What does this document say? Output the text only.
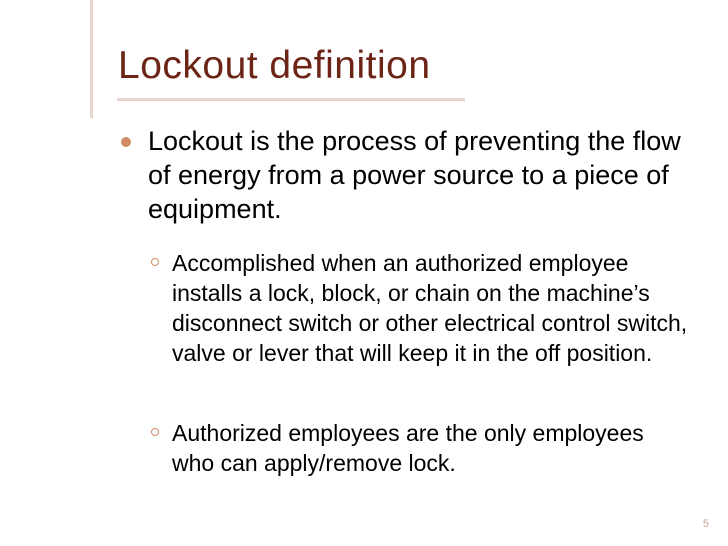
Lockout definition
Lockout is the process of preventing the flow of energy from a power source to a piece of equipment.
Accomplished when an authorized employee installs a lock, block, or chain on the machine’s disconnect switch or other electrical control switch, valve or lever that will keep it in the off position.
Authorized employees are the only employees who can apply/remove lock.
5
